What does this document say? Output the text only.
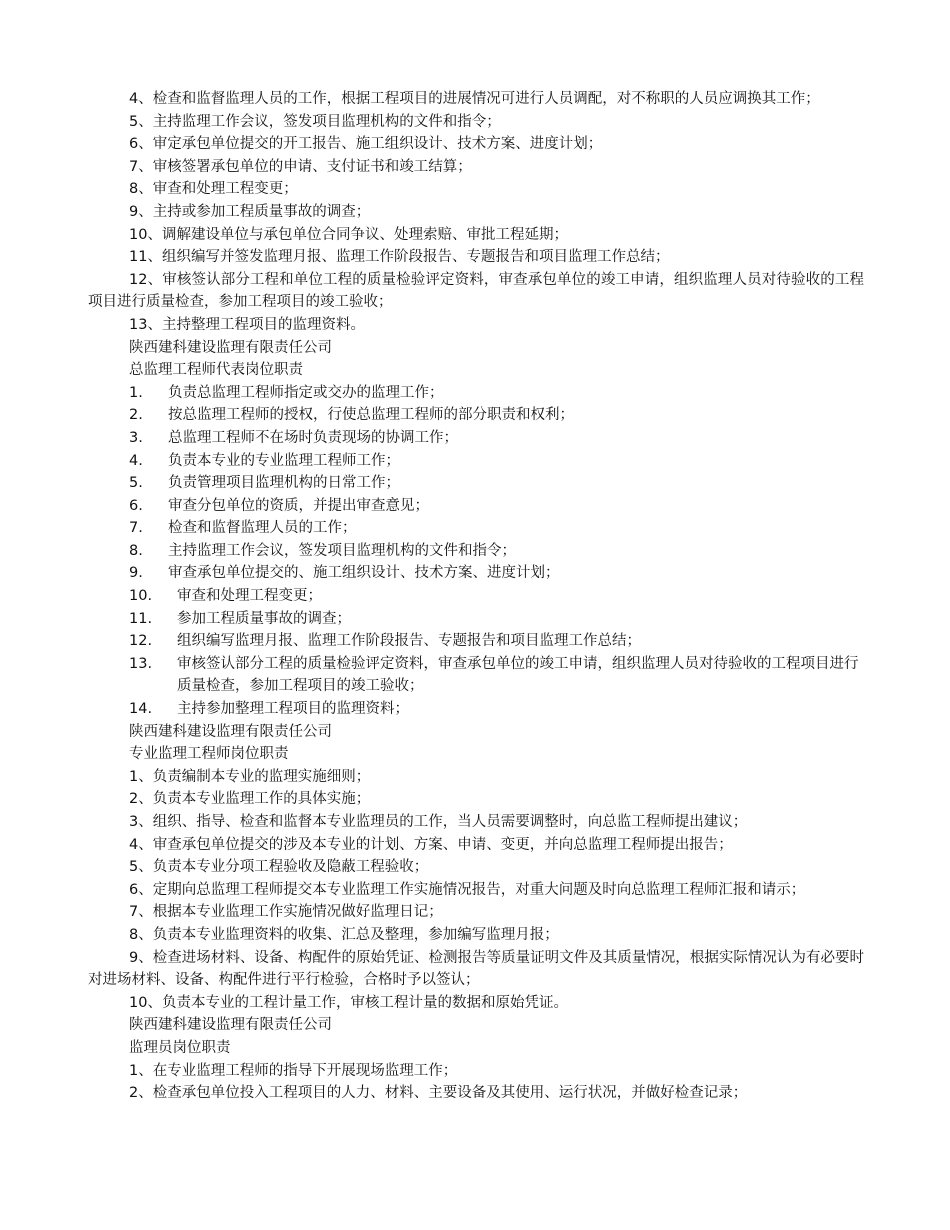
4、检查和监督监理人员的工作，根据工程项目的进展情况可进行人员调配，对不称职的人员应调换其工作；

5、主持监理工作会议，签发项目监理机构的文件和指令；

6、审定承包单位提交的开工报告、施工组织设计、技术方案、进度计划；

7、审核签署承包单位的申请、支付证书和竣工结算；

8、审查和处理工程变更；

9、主持或参加工程质量事故的调查；

10、调解建设单位与承包单位合同争议、处理索赔、审批工程延期；

11、组织编写并签发监理月报、监理工作阶段报告、专题报告和项目监理工作总结；

12、审核签认部分工程和单位工程的质量检验评定资料，审查承包单位的竣工申请，组织监理人员对待验收的工程项目进行质量检查，参加工程项目的竣工验收；

13、主持整理工程项目的监理资料。

陕西建科建设监理有限责任公司

总监理工程师代表岗位职责

1.	负责总监理工程师指定或交办的监理工作；
2.	按总监理工程师的授权，行使总监理工程师的部分职责和权利；
3.	总监理工程师不在场时负责现场的协调工作；
4.	负责本专业的专业监理工程师工作；
5.	负责管理项目监理机构的日常工作；
6.	审查分包单位的资质，并提出审查意见；
7.	检查和监督监理人员的工作；
8.	主持监理工作会议，签发项目监理机构的文件和指令；
9.	审查承包单位提交的、施工组织设计、技术方案、进度计划；
10.	审查和处理工程变更；
11.	参加工程质量事故的调查；
12.	组织编写监理月报、监理工作阶段报告、专题报告和项目监理工作总结；
13.	审核签认部分工程的质量检验评定资料，审查承包单位的竣工申请，组织监理人员对待验收的工程项目进行质量检查，参加工程项目的竣工验收；
14.	主持参加整理工程项目的监理资料；

陕西建科建设监理有限责任公司

专业监理工程师岗位职责

1、负责编制本专业的监理实施细则；

2、负责本专业监理工作的具体实施；

3、组织、指导、检查和监督本专业监理员的工作，当人员需要调整时，向总监工程师提出建议；

4、审查承包单位提交的涉及本专业的计划、方案、申请、变更，并向总监理工程师提出报告；

5、负责本专业分项工程验收及隐蔽工程验收；

6、定期向总监理工程师提交本专业监理工作实施情况报告，对重大问题及时向总监理工程师汇报和请示；

7、根据本专业监理工作实施情况做好监理日记；

8、负责本专业监理资料的收集、汇总及整理，参加编写监理月报；

9、检查进场材料、设备、构配件的原始凭证、检测报告等质量证明文件及其质量情况，根据实际情况认为有必要时对进场材料、设备、构配件进行平行检验，合格时予以签认；

10、负责本专业的工程计量工作，审核工程计量的数据和原始凭证。

陕西建科建设监理有限责任公司

监理员岗位职责

1、在专业监理工程师的指导下开展现场监理工作；

2、检查承包单位投入工程项目的人力、材料、主要设备及其使用、运行状况，并做好检查记录；
